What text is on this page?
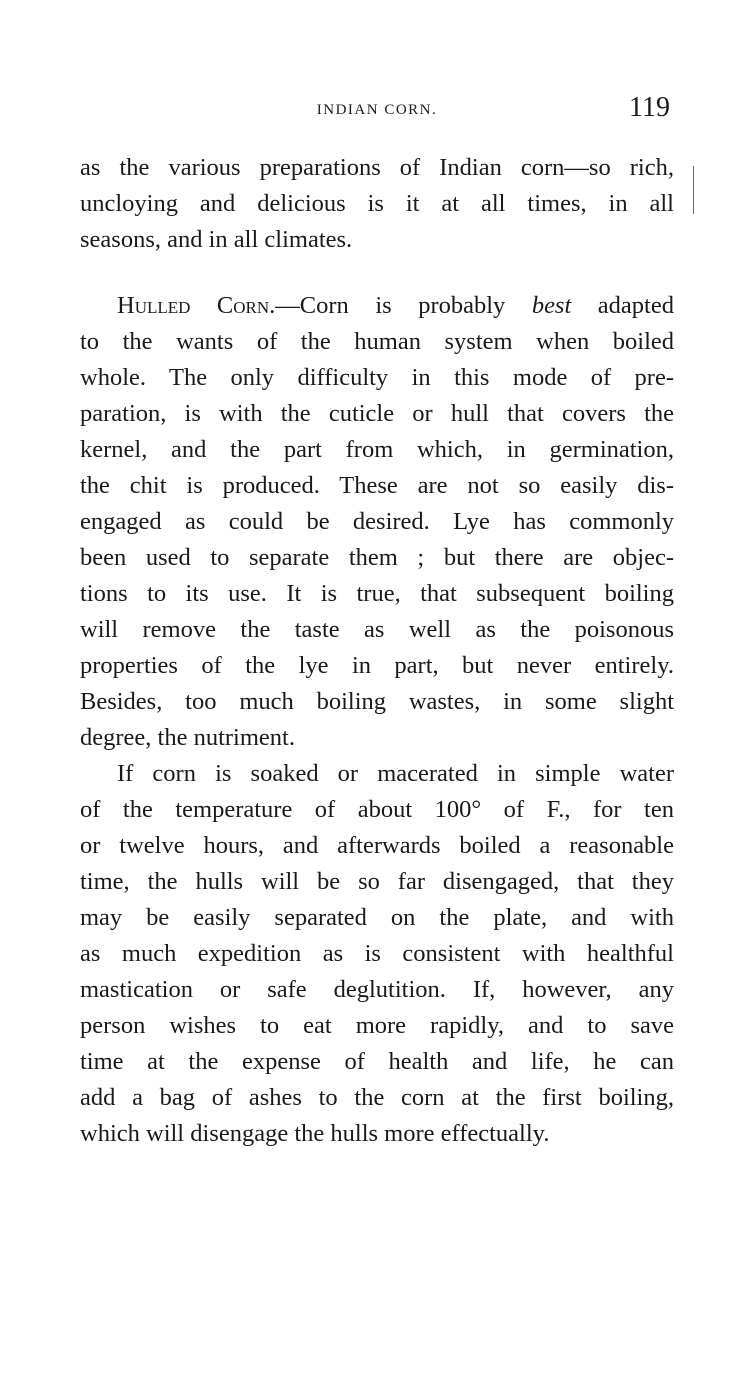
INDIAN CORN.	119
as the various preparations of Indian corn—so rich,
uncloying and delicious is it at all times, in all
seasons, and in all climates.
Hulled Corn.—Corn is probably best adapted
to the wants of the human system when boiled
whole. The only difficulty in this mode of pre-
paration, is with the cuticle or hull that covers the
kernel, and the part from which, in germination,
the chit is produced. These are not so easily dis-
engaged as could be desired. Lye has commonly
been used to separate them ; but there are objec-
tions to its use. It is true, that subsequent boiling
will remove the taste as well as the poisonous
properties of the lye in part, but never entirely.
Besides, too much boiling wastes, in some slight
degree, the nutriment.
If corn is soaked or macerated in simple water
of the temperature of about 100° of F., for ten
or twelve hours, and afterwards boiled a reasonable
time, the hulls will be so far disengaged, that they
may be easily separated on the plate, and with
as much expedition as is consistent with healthful
mastication or safe deglutition. If, however, any
person wishes to eat more rapidly, and to save
time at the expense of health and life, he can
add a bag of ashes to the corn at the first boiling,
which will disengage the hulls more effectually.
